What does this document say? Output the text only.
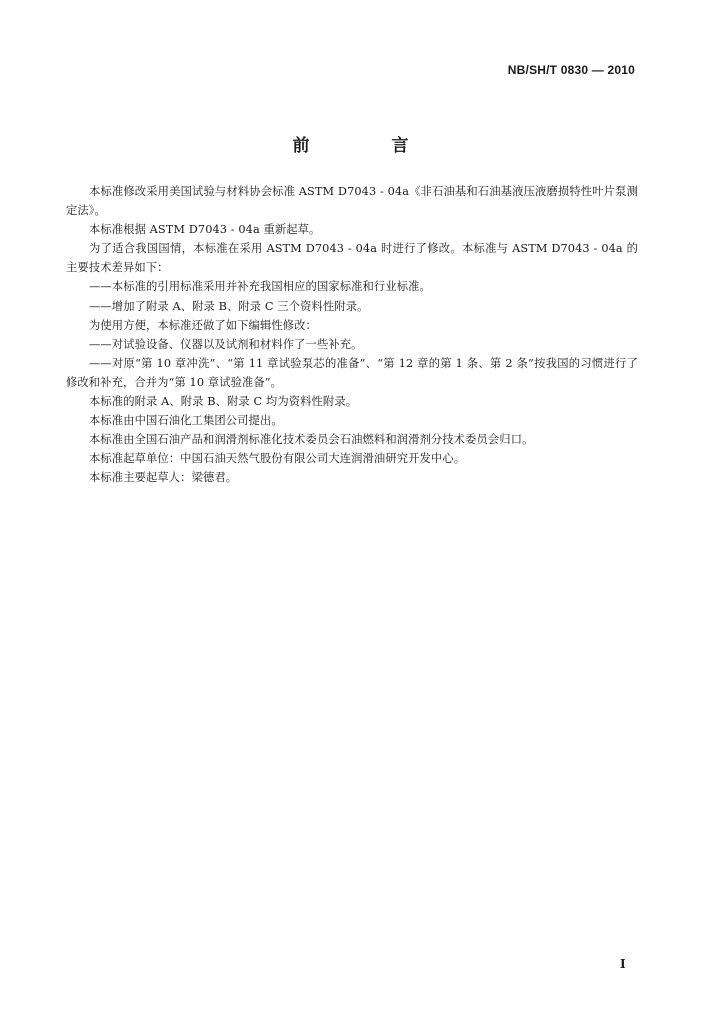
NB/SH/T 0830 — 2010
前 言

本标准修改采用美国试验与材料协会标准 ASTM D7043 - 04a《非石油基和石油基液压液磨损特性叶片泵测定法》。

本标准根据 ASTM D7043 - 04a 重新起草。

为了适合我国国情，本标准在采用 ASTM D7043 - 04a 时进行了修改。本标准与 ASTM D7043 - 04a 的主要技术差异如下：

——本标准的引用标准采用并补充我国相应的国家标准和行业标准。

——增加了附录 A、附录 B、附录 C 三个资料性附录。

为使用方便，本标准还做了如下编辑性修改：

——对试验设备、仪器以及试剂和材料作了一些补充。

——对原“第 10 章冲洗”、“第 11 章试验泵芯的准备”、“第 12 章的第 1 条、第 2 条”按我国的习惯进行了修改和补充，合并为“第 10 章试验准备”。

本标准的附录 A、附录 B、附录 C 均为资料性附录。

本标准由中国石油化工集团公司提出。

本标准由全国石油产品和润滑剂标准化技术委员会石油燃料和润滑剂分技术委员会归口。

本标准起草单位：中国石油天然气股份有限公司大连润滑油研究开发中心。

本标准主要起草人：梁德君。

I
